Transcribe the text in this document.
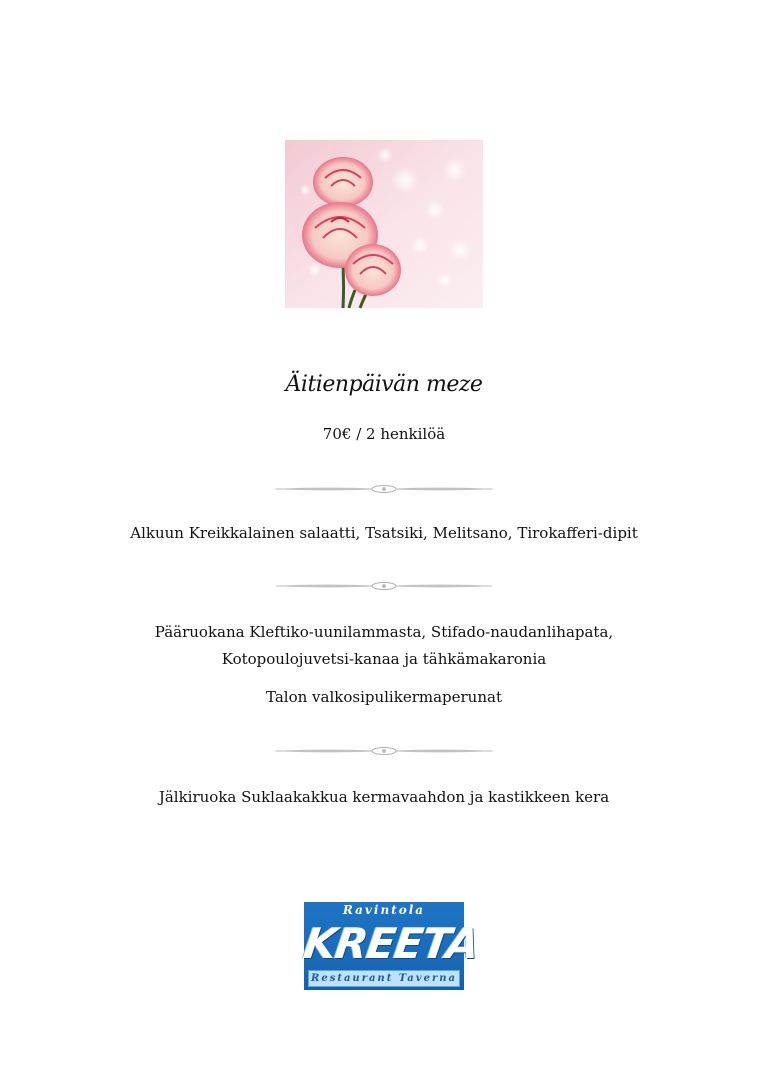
Äitienpäivän meze
70€ / 2 henkilöä
Alkuun Kreikkalainen salaatti, Tsatsiki, Melitsano, Tirokafferi-dipit
Pääruokana Kleftiko-uunilammasta, Stifado-naudanlihapata,
Kotopoulojuvetsi-kanaa ja tähkämakaronia
Talon valkosipulikermaperunat
Jälkiruoka Suklaakakkua kermavaahdon ja kastikkeen kera
Ravintola
KREETA
Restaurant Taverna
